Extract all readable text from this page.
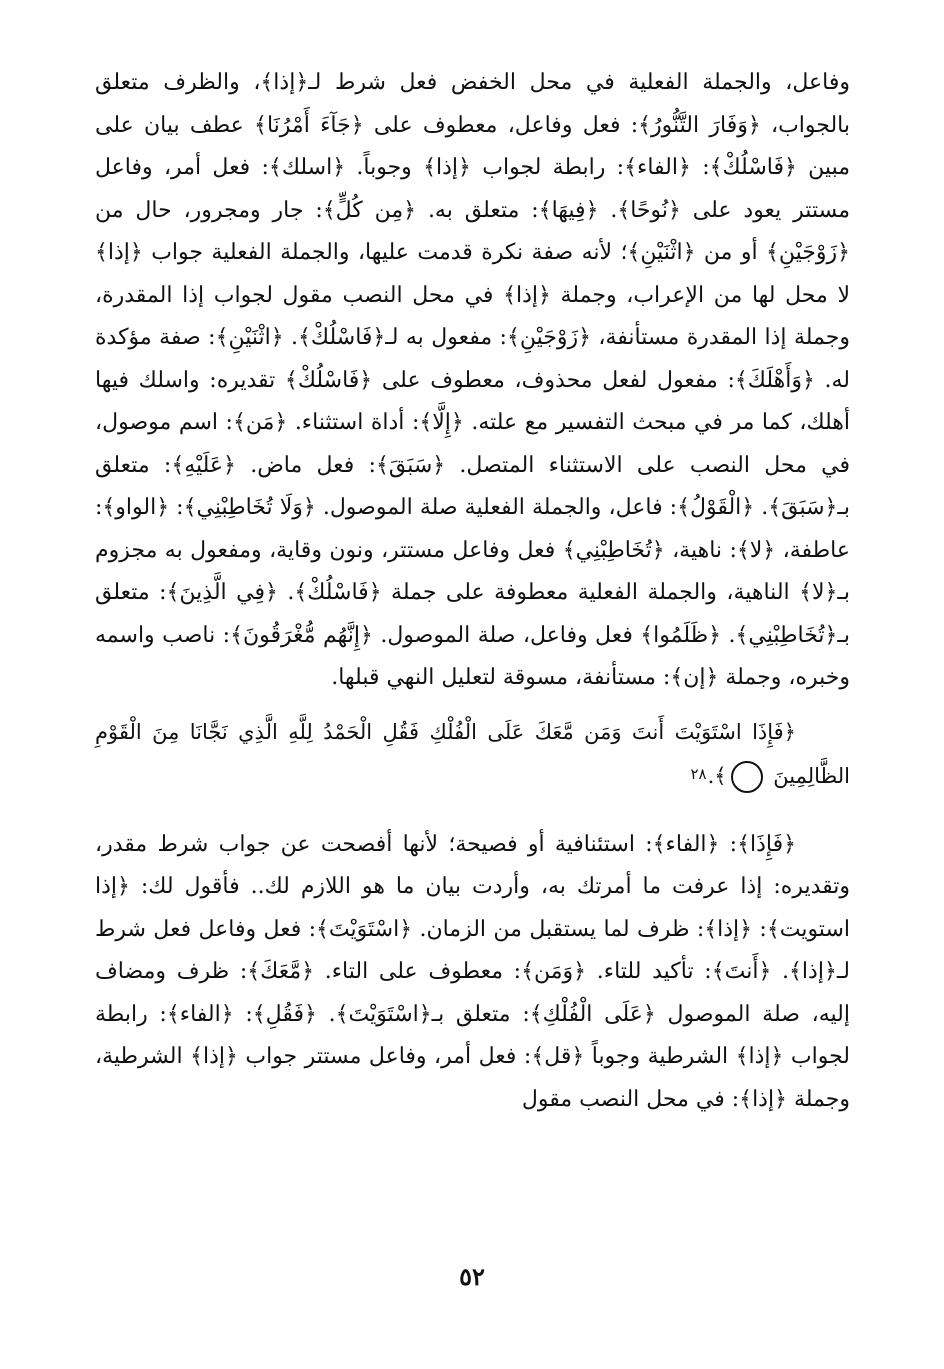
وفاعل، والجملة الفعلية في محل الخفض فعل شرط لـ﴿إذا﴾، والظرف متعلق بالجواب، ﴿وَفَارَ التَّنُّورُ﴾: فعل وفاعل، معطوف على ﴿جَآءَ أَمْرُنَا﴾ عطف بيان على مبين ﴿فَاسْلُكْ﴾: ﴿الفاء﴾: رابطة لجواب ﴿إذا﴾ وجوباً. ﴿اسلك﴾: فعل أمر، وفاعل مستتر يعود على ﴿نُوحًا﴾. ﴿فِيهَا﴾: متعلق به. ﴿مِن كُلٍّ﴾: جار ومجرور، حال من ﴿زَوْجَيْنِ﴾ أو من ﴿اثْنَيْنِ﴾؛ لأنه صفة نكرة قدمت عليها، والجملة الفعلية جواب ﴿إذا﴾ لا محل لها من الإعراب، وجملة ﴿إذا﴾ في محل النصب مقول لجواب إذا المقدرة، وجملة إذا المقدرة مستأنفة، ﴿زَوْجَيْنِ﴾: مفعول به لـ﴿فَاسْلُكْ﴾. ﴿اثْنَيْنِ﴾: صفة مؤكدة له. ﴿وَأَهْلَكَ﴾: مفعول لفعل محذوف، معطوف على ﴿فَاسْلُكْ﴾ تقديره: واسلك فيها أهلك، كما مر في مبحث التفسير مع علته. ﴿إِلَّا﴾: أداة استثناء. ﴿مَن﴾: اسم موصول، في محل النصب على الاستثناء المتصل. ﴿سَبَقَ﴾: فعل ماض. ﴿عَلَيْهِ﴾: متعلق بـ﴿سَبَقَ﴾. ﴿الْقَوْلُ﴾: فاعل، والجملة الفعلية صلة الموصول. ﴿وَلَا تُخَاطِبْنِي﴾: ﴿الواو﴾: عاطفة، ﴿لا﴾: ناهية، ﴿تُخَاطِبْنِي﴾ فعل وفاعل مستتر، ونون وقاية، ومفعول به مجزوم بـ﴿لا﴾ الناهية، والجملة الفعلية معطوفة على جملة ﴿فَاسْلُكْ﴾. ﴿فِي الَّذِينَ﴾: متعلق بـ﴿تُخَاطِبْنِي﴾. ﴿ظَلَمُوا﴾ فعل وفاعل، صلة الموصول. ﴿إِنَّهُم مُّغْرَقُونَ﴾: ناصب واسمه وخبره، وجملة ﴿إن﴾: مستأنفة، مسوقة لتعليل النهي قبلها.

﴿فَإِذَا اسْتَوَيْتَ أَنتَ وَمَن مَّعَكَ عَلَى الْفُلْكِ فَقُلِ الْحَمْدُ لِلَّهِ الَّذِي نَجَّانَا مِنَ الْقَوْمِ الظَّالِمِينَ ٢٨﴾.

﴿فَإِذَا﴾: ﴿الفاء﴾: استئنافية أو فصيحة؛ لأنها أفصحت عن جواب شرط مقدر، وتقديره: إذا عرفت ما أمرتك به، وأردت بيان ما هو اللازم لك.. فأقول لك: ﴿إذا استويت﴾: ﴿إذا﴾: ظرف لما يستقبل من الزمان. ﴿اسْتَوَيْتَ﴾: فعل وفاعل فعل شرط لـ﴿إذا﴾. ﴿أَنتَ﴾: تأكيد للتاء. ﴿وَمَن﴾: معطوف على التاء. ﴿مَّعَكَ﴾: ظرف ومضاف إليه، صلة الموصول ﴿عَلَى الْفُلْكِ﴾: متعلق بـ﴿اسْتَوَيْتَ﴾. ﴿فَقُلِ﴾: ﴿الفاء﴾: رابطة لجواب ﴿إذا﴾ الشرطية وجوباً ﴿قل﴾: فعل أمر، وفاعل مستتر جواب ﴿إذا﴾ الشرطية، وجملة ﴿إذا﴾: في محل النصب مقول

٥٢
